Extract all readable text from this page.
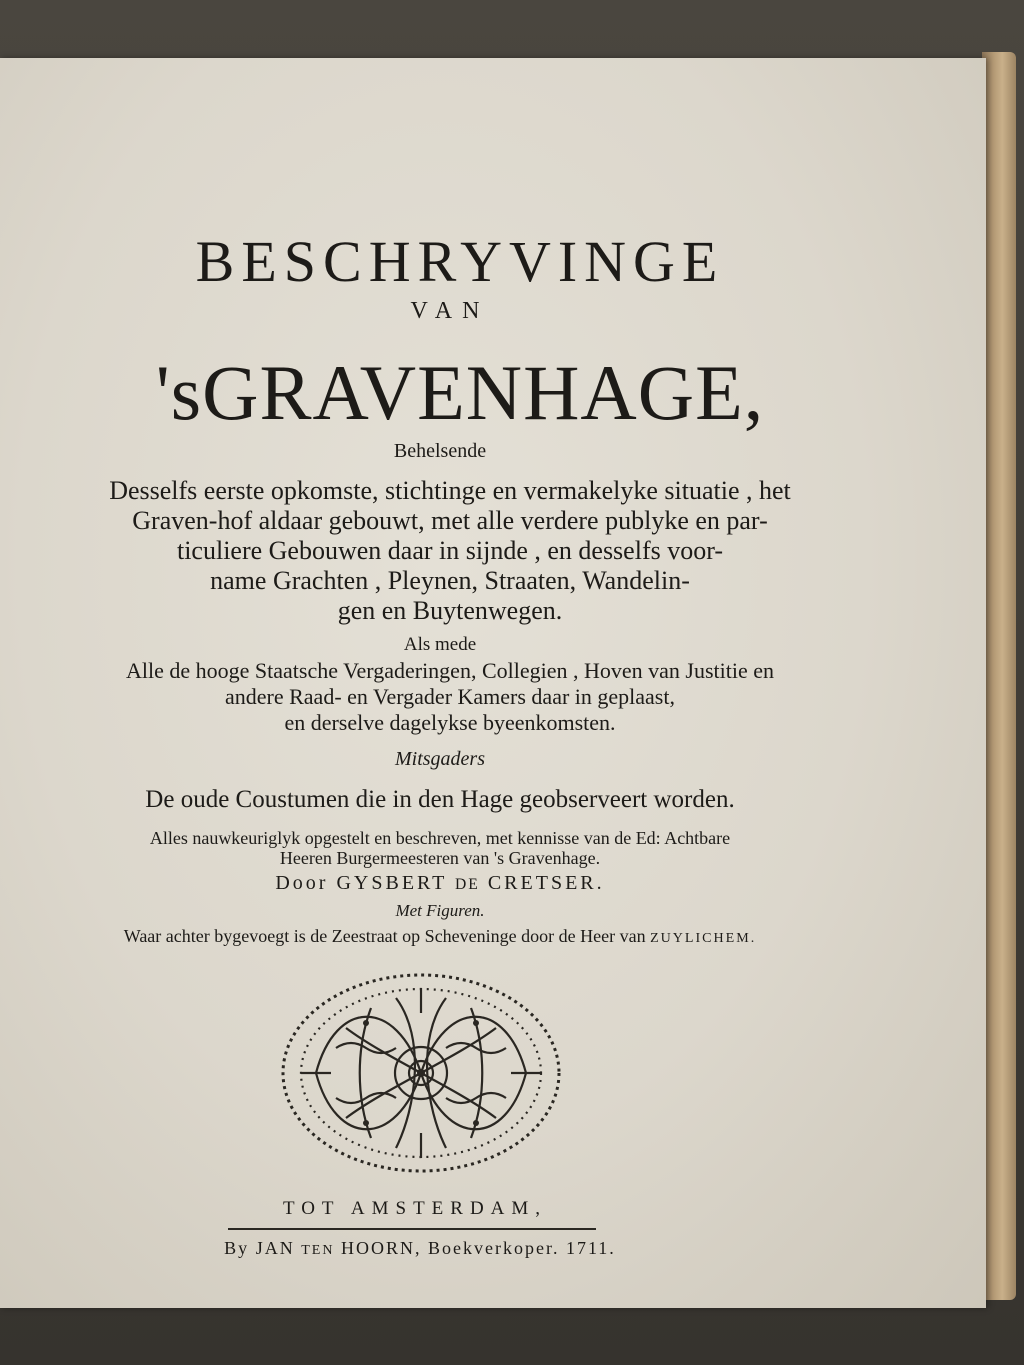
BESCHRYVINGE
VAN
'sGRAVENHAGE,
Behelsende
Desselfs eerste opkomste, stichtinge en vermakelyke situatie , het
Graven-hof aldaar gebouwt, met alle verdere publyke en par-
ticuliere Gebouwen daar in sijnde , en desselfs voor-
name Grachten , Pleynen, Straaten, Wandelin-
gen en Buytenwegen.
Als mede
Alle de hooge Staatsche Vergaderingen, Collegien , Hoven van Justitie en
andere Raad- en Vergader Kamers daar in geplaast,
en derselve dagelykse byeenkomsten.
Mitsgaders
De oude Coustumen die in den Hage geobserveert worden.
Alles nauwkeuriglyk opgestelt en beschreven, met kennisse van de Ed: Achtbare
Heeren Burgermeesteren van 's Gravenhage.
Door GYSBERT DE CRETSER.
Met Figuren.
Waar achter bygevoegt is de Zeestraat op Scheveninge door de Heer van ZUYLICHEM.
TOT AMSTERDAM,
By JAN TEN HOORN, Boekverkoper. 1711.
